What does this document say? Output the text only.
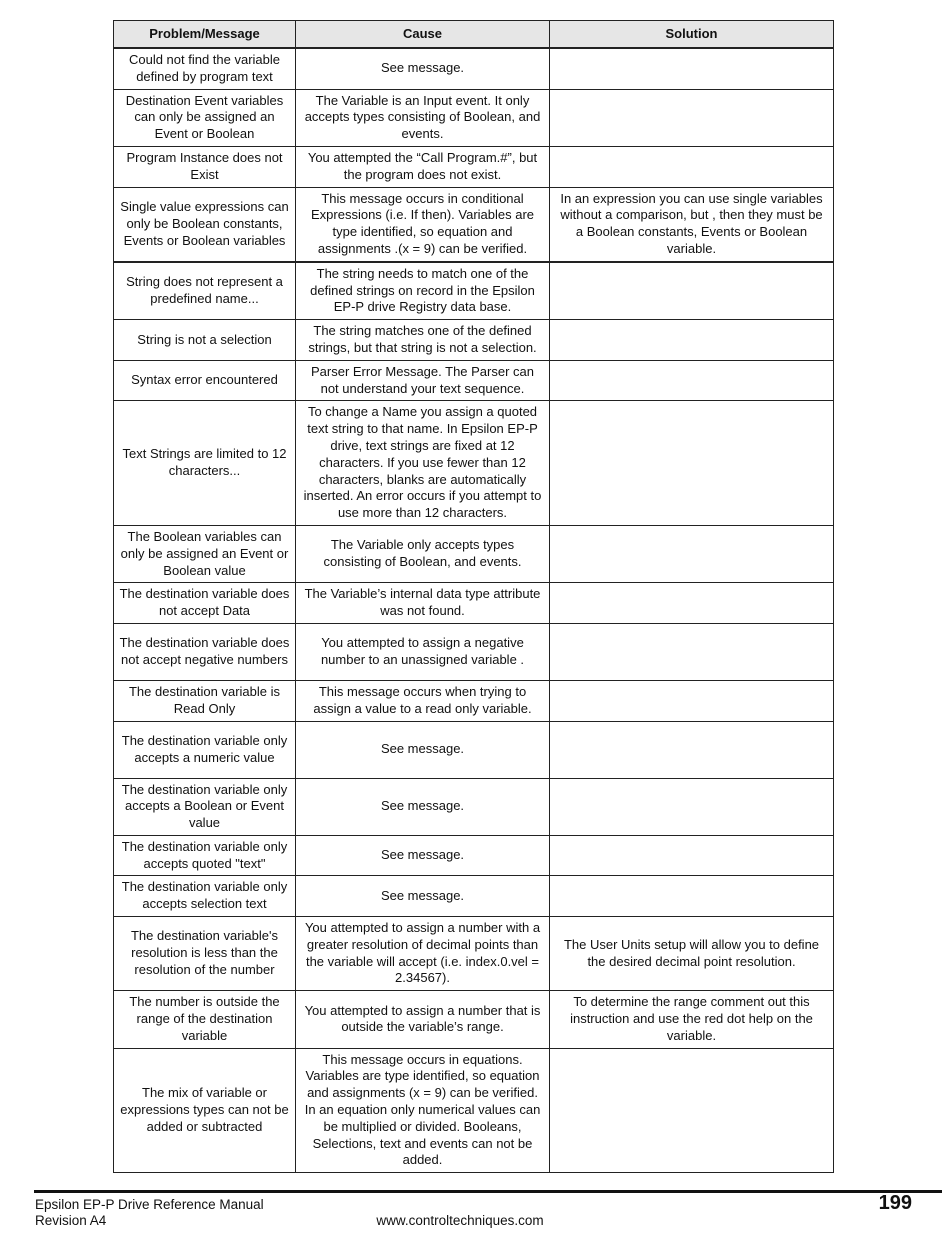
Problem/Message	Cause	Solution
Could not find the variable defined by program text	See message.	
Destination Event variables can only be assigned an Event or Boolean	The Variable is an Input event. It only accepts types consisting of Boolean, and events.	
Program Instance does not Exist	You attempted the “Call Program.#”, but the program does not exist.	
Single value expressions can only be Boolean constants, Events or Boolean variables	This message occurs in conditional Expressions (i.e. If then). Variables are type identified, so equation and assignments .(x = 9) can be verified.	In an expression you can use single variables without a comparison, but , then they must be a Boolean constants, Events or Boolean variable.
String does not represent a predefined name...	The string needs to match one of the defined strings on record in the Epsilon EP-P drive Registry data base.	
String is not a selection	The string matches one of the defined strings, but that string is not a selection.	
Syntax error encountered	Parser Error Message. The Parser can not understand your text sequence.	
Text Strings are limited to 12 characters...	To change a Name you assign a quoted text string to that name. In Epsilon EP-P drive, text strings are fixed at 12 characters. If you use fewer than 12 characters, blanks are automatically inserted. An error occurs if you attempt to use more than 12 characters.	
The Boolean variables can only be assigned an Event or Boolean value	The Variable only accepts types consisting of Boolean, and events.	
The destination variable does not accept Data	The Variable’s internal data type attribute was not found.	
The destination variable does not accept negative numbers	You attempted to assign a negative number to an unassigned variable .	
The destination variable is Read Only	This message occurs when trying to assign a value to a read only variable.	
The destination variable only accepts a numeric value	See message.	
The destination variable only accepts a Boolean or Event value	See message.	
The destination variable only accepts quoted "text"	See message.	
The destination variable only accepts selection text	See message.	
The destination variable's resolution is less than the resolution of the number	You attempted to assign a number with a greater resolution of decimal points than the variable will accept (i.e. index.0.vel = 2.34567).	The User Units setup will allow you to define the desired decimal point resolution.
The number is outside the range of the destination variable	You attempted to assign a number that is outside the variable’s range.	To determine the range comment out this instruction and use the red dot help on the variable.
The mix of variable or expressions types can not be added or subtracted	This message occurs in equations. Variables are type identified, so equation and assignments (x = 9) can be verified. In an equation only numerical values can be multiplied or divided. Booleans, Selections, text and events can not be added.	
Epsilon EP-P Drive Reference Manual
Revision A4	www.controltechniques.com
199
